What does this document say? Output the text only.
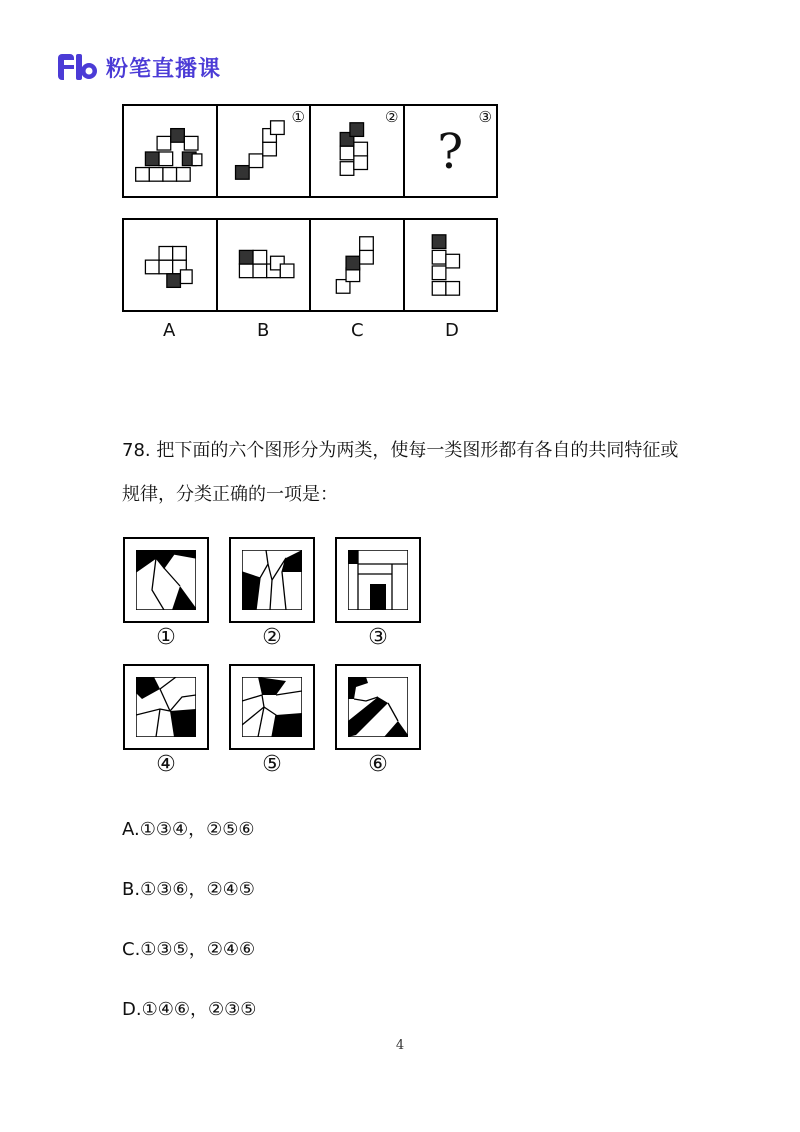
粉笔直播课
①	②
?
③
A	B	C	D
78. 把下面的六个图形分为两类，使每一类图形都有各自的共同特征或
规律，分类正确的一项是：
①	②	③
④	⑤	⑥
A.①③④，②⑤⑥
B.①③⑥，②④⑤
C.①③⑤，②④⑥
D.①④⑥，②③⑤
4
